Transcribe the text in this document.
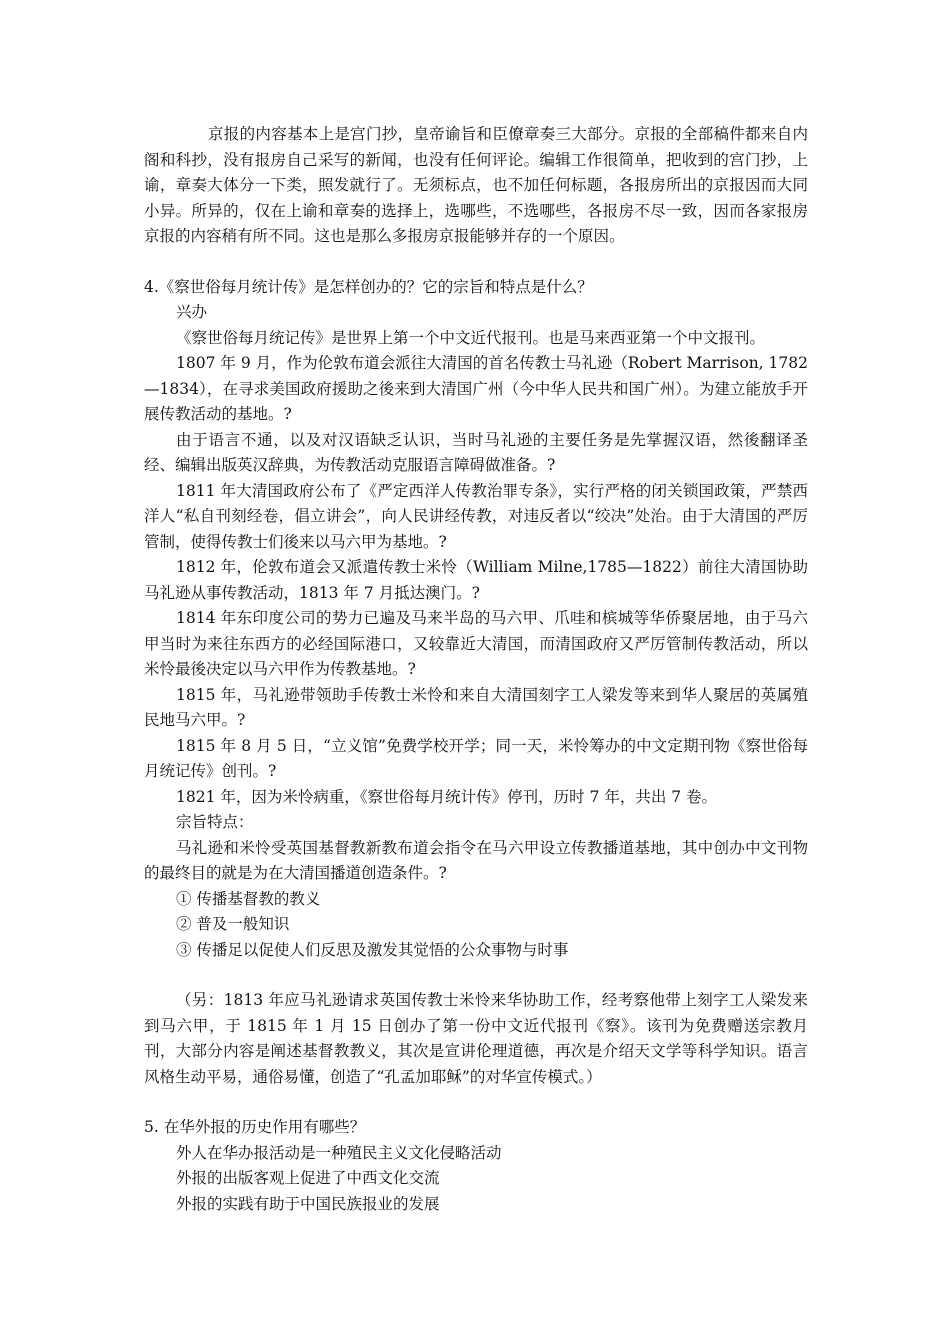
京报的内容基本上是宫门抄，皇帝谕旨和臣僚章奏三大部分。京报的全部稿件都来自内阁和科抄，没有报房自己采写的新闻，也没有任何评论。编辑工作很简单，把收到的宫门抄，上谕，章奏大体分一下类，照发就行了。无须标点，也不加任何标题，各报房所出的京报因而大同小异。所异的，仅在上谕和章奏的选择上，选哪些，不选哪些，各报房不尽一致，因而各家报房京报的内容稍有所不同。这也是那么多报房京报能够并存的一个原因。

4.《察世俗每月统计传》是怎样创办的？它的宗旨和特点是什么？

兴办

《察世俗每月统记传》是世界上第一个中文近代报刊。也是马来西亚第一个中文报刊。

1807 年 9 月，作为伦敦布道会派往大清国的首名传教士马礼逊（Robert Marrison, 1782—1834），在寻求美国政府援助之後来到大清国广州（今中华人民共和国广州）。为建立能放手开展传教活动的基地。?

由于语言不通，以及对汉语缺乏认识，当时马礼逊的主要任务是先掌握汉语，然後翻译圣经、编辑出版英汉辞典，为传教活动克服语言障碍做准备。?

1811 年大清国政府公布了《严定西洋人传教治罪专条》，实行严格的闭关锁国政策，严禁西洋人“私自刊刻经卷，倡立讲会”，向人民讲经传教，对违反者以“绞决”处治。由于大清国的严厉管制，使得传教士们後来以马六甲为基地。?

1812 年，伦敦布道会又派遣传教士米怜（William Milne,1785—1822）前往大清国协助马礼逊从事传教活动，1813 年 7 月抵达澳门。?

1814 年东印度公司的势力已遍及马来半岛的马六甲、爪哇和槟城等华侨聚居地，由于马六甲当时为来往东西方的必经国际港口，又较靠近大清国，而清国政府又严厉管制传教活动，所以米怜最後决定以马六甲作为传教基地。?

1815 年，马礼逊带领助手传教士米怜和来自大清国刻字工人梁发等来到华人聚居的英属殖民地马六甲。?

1815 年 8 月 5 日，“立义馆”免费学校开学；同一天，米怜筹办的中文定期刊物《察世俗每月统记传》创刊。?

1821 年，因为米怜病重，《察世俗每月统计传》停刊，历时 7 年，共出 7 卷。

宗旨特点：

马礼逊和米怜受英国基督教新教布道会指令在马六甲设立传教播道基地，其中创办中文刊物的最终目的就是为在大清国播道创造条件。?

① 传播基督教的教义

② 普及一般知识

③ 传播足以促使人们反思及激发其觉悟的公众事物与时事

（另：1813 年应马礼逊请求英国传教士米怜来华协助工作，经考察他带上刻字工人梁发来到马六甲，于 1815 年 1 月 15 日创办了第一份中文近代报刊《察》。该刊为免费赠送宗教月刊，大部分内容是阐述基督教教义，其次是宣讲伦理道德，再次是介绍天文学等科学知识。语言风格生动平易，通俗易懂，创造了“孔孟加耶稣”的对华宣传模式。）

5. 在华外报的历史作用有哪些？

外人在华办报活动是一种殖民主义文化侵略活动

外报的出版客观上促进了中西文化交流

外报的实践有助于中国民族报业的发展
